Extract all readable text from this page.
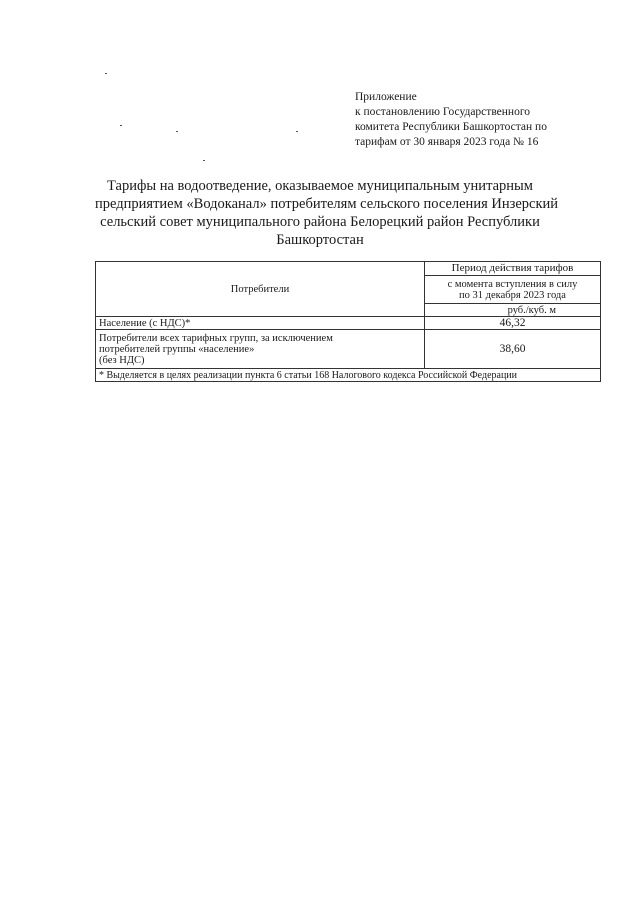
Приложение
к постановлению Государственного
комитета Республики Башкортостан по
тарифам от 30 января 2023 года № 16
Тарифы на водоотведение, оказываемое муниципальным унитарным
предприятием «Водоканал» потребителям сельского поселения Инзерский
сельский совет муниципального района Белорецкий район Республики
Башкортостан
Потребители	Период действия тарифов

	с момента вступления в силу
по 31 декабря 2023 года

	руб./куб. м
Население (с НДС)*	46,32

Потребители всех тарифных групп, за исключением
потребителей группы «население»
(без НДС)	38,60
* Выделяется в целях реализации пункта 6 статьи 168 Налогового кодекса Российской Федерации	
